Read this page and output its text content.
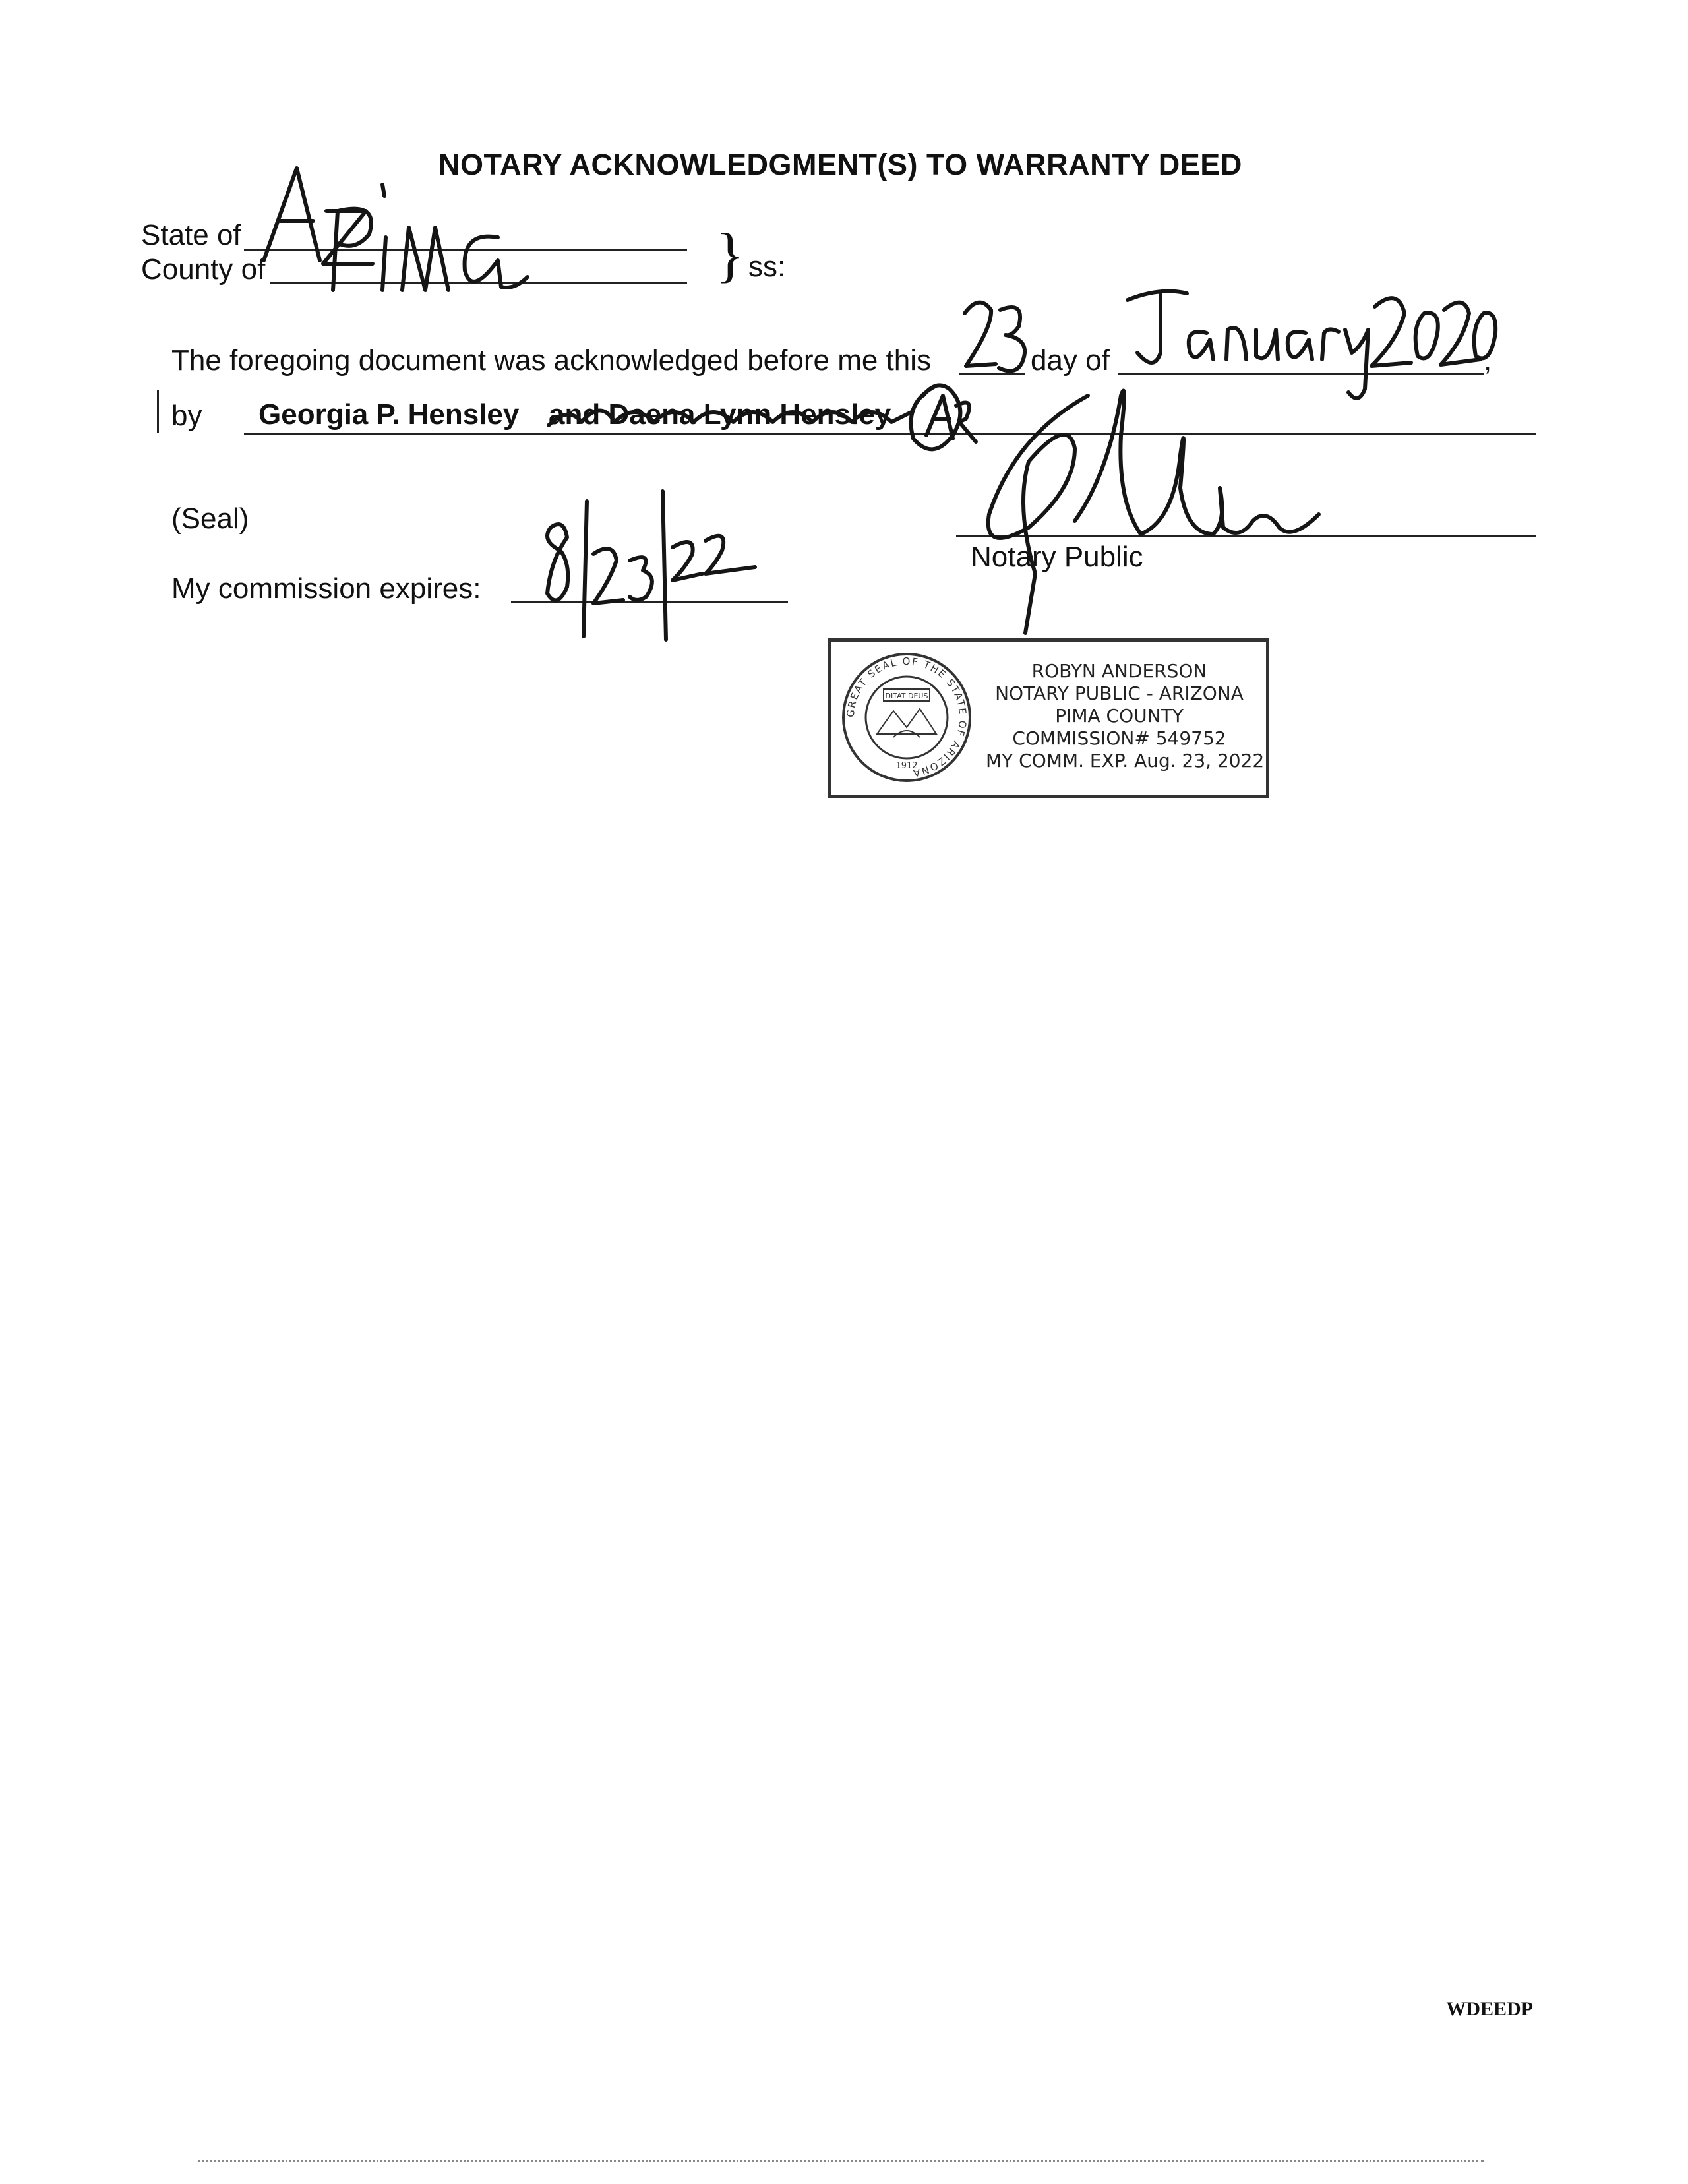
NOTARY ACKNOWLEDGMENT(S) TO WARRANTY DEED
State of
County of	} ss:
The foregoing document was acknowledged before me this	day of	,
by Georgia P. Hensley and Daena Lynn Hensley
(Seal)
My commission expires:
Notary Public
GREAT SEAL OF THE STATE OF ARIZONA
DITAT DEUS
1912
ROBYN ANDERSON
NOTARY PUBLIC - ARIZONA
PIMA COUNTY
COMMISSION# 549752
MY COMM. EXP. Aug. 23, 2022
WDEEDP
